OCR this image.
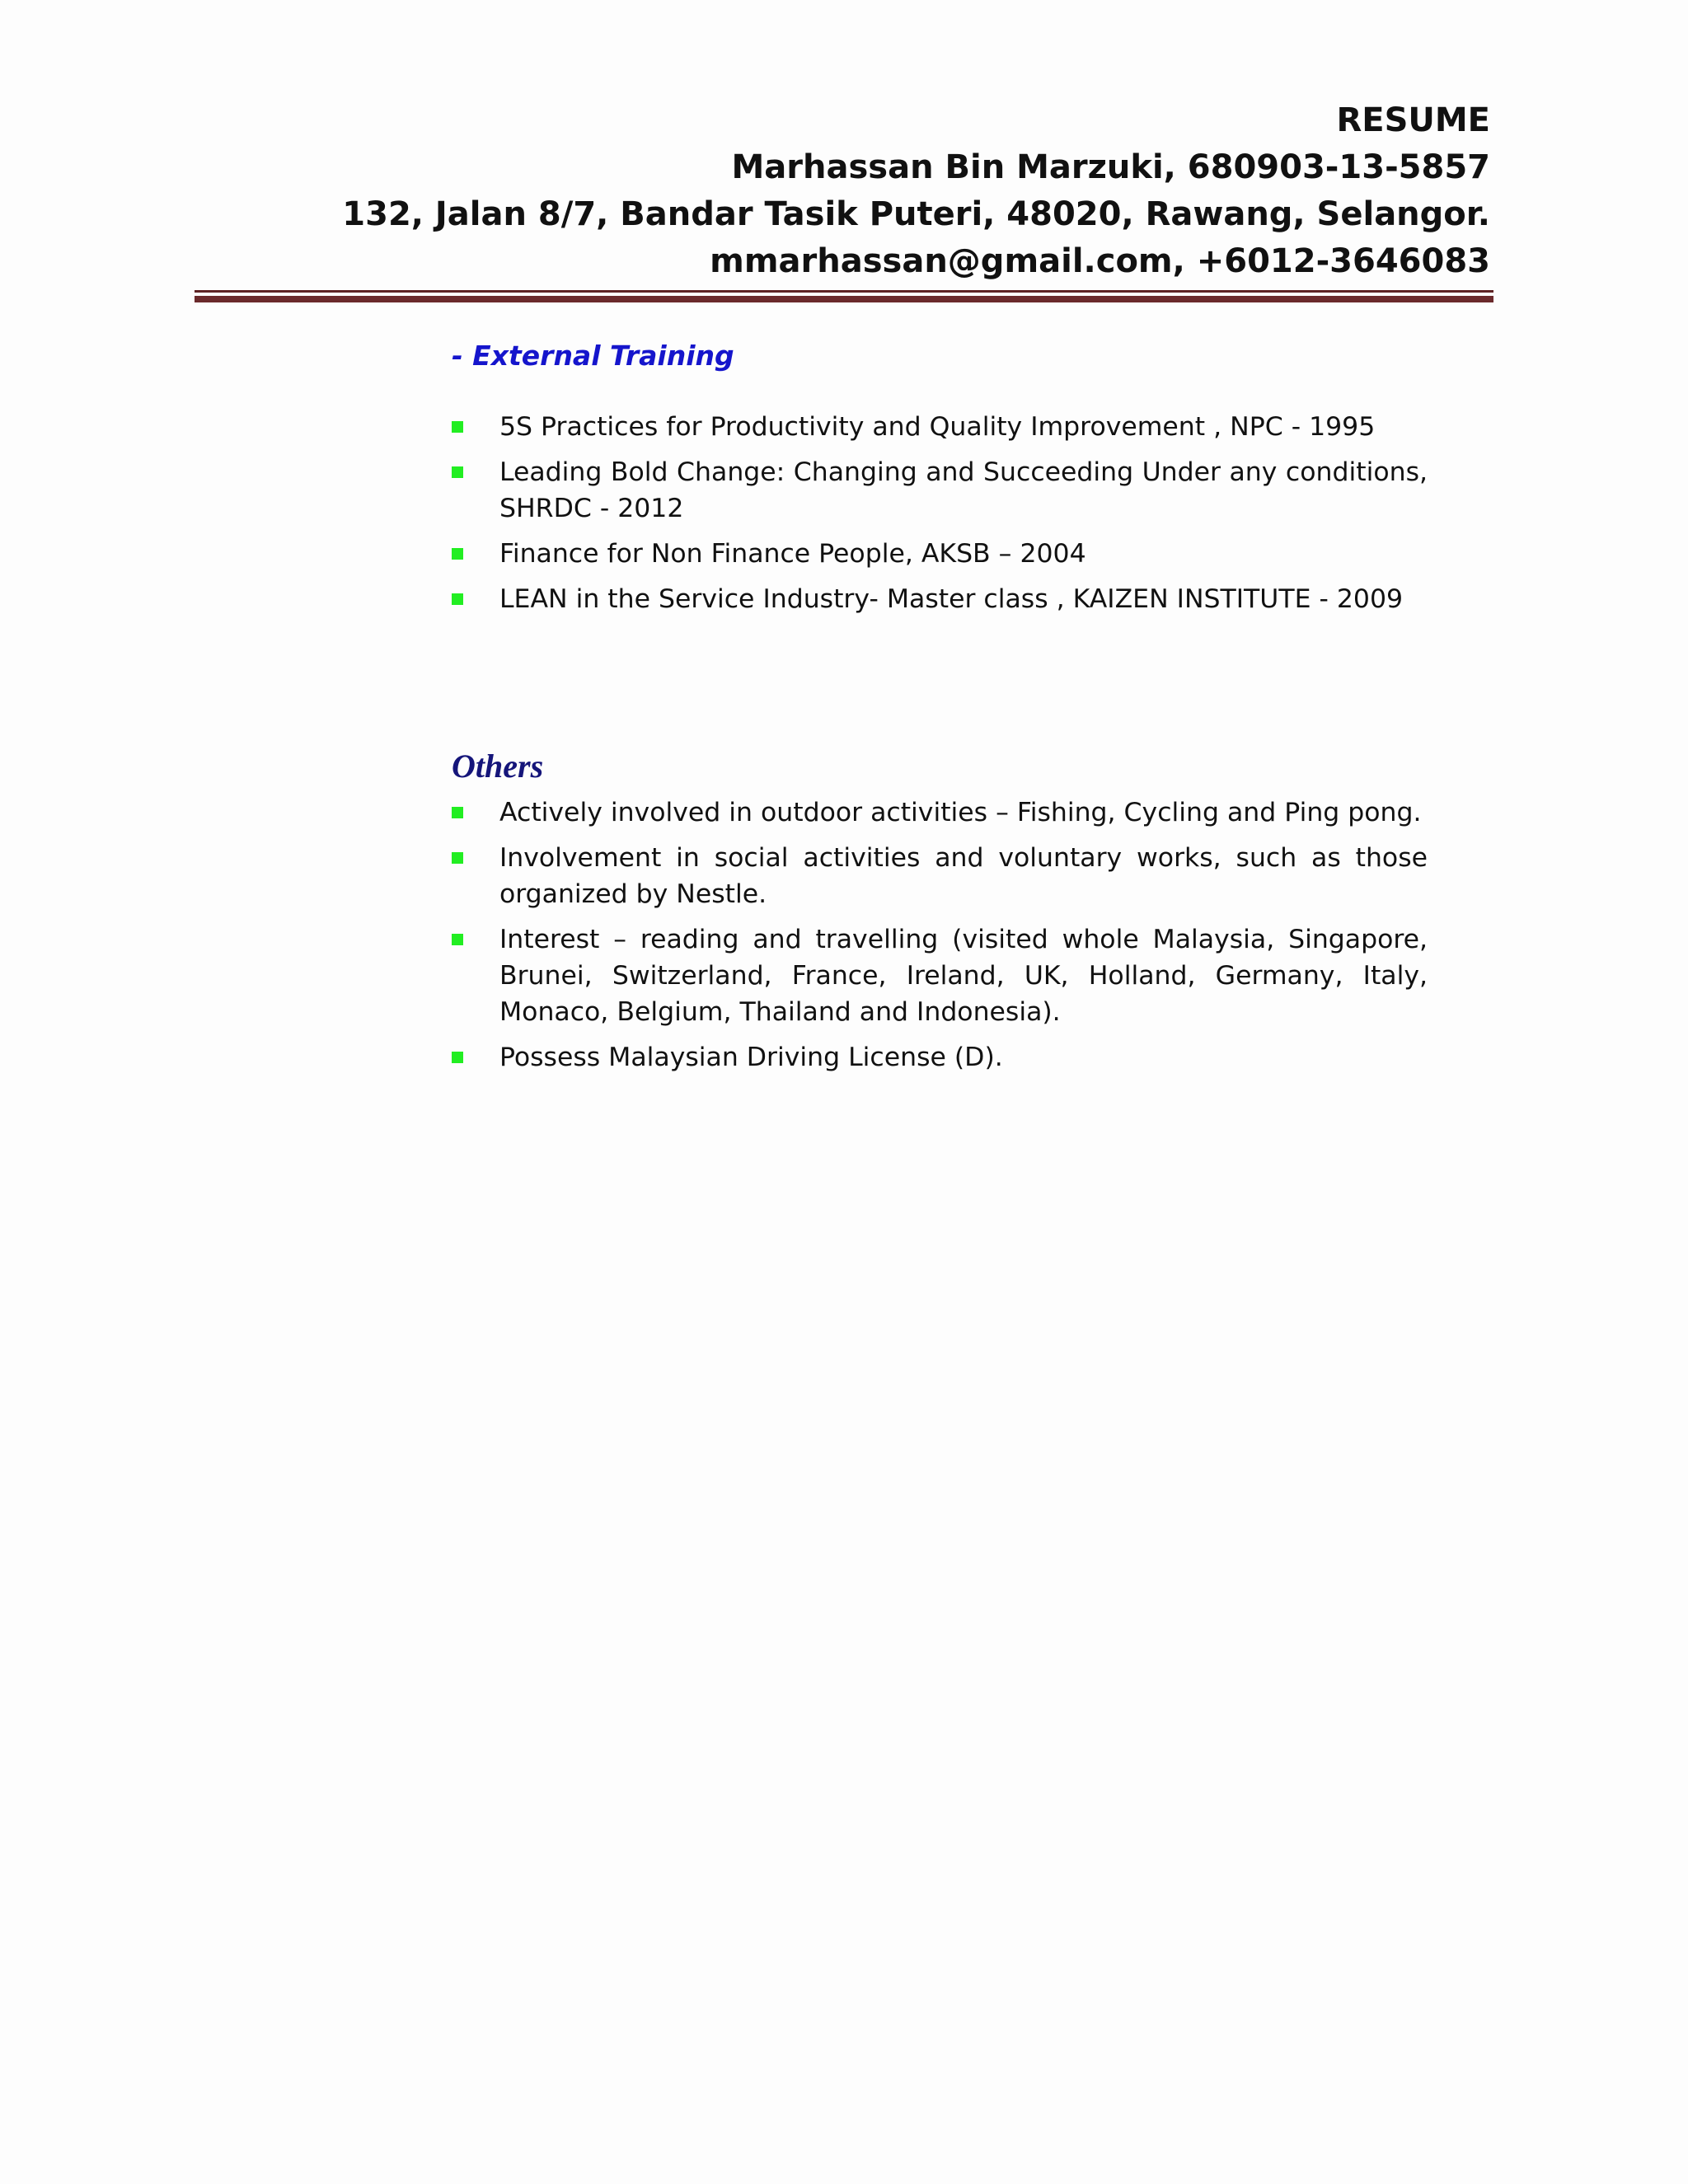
RESUME
Marhassan Bin Marzuki, 680903-13-5857
132, Jalan 8/7, Bandar Tasik Puteri, 48020, Rawang, Selangor.
mmarhassan@gmail.com, +6012-3646083
- External Training
5S Practices for Productivity and Quality Improvement , NPC - 1995
Leading Bold Change: Changing and Succeeding Under any conditions, SHRDC - 2012
Finance for Non Finance People, AKSB – 2004
LEAN in the Service Industry- Master class , KAIZEN INSTITUTE - 2009
Others
Actively involved in outdoor activities – Fishing, Cycling and Ping pong.
Involvement in social activities and voluntary works, such as those organized by Nestle.
Interest – reading and travelling (visited whole Malaysia, Singapore, Brunei, Switzerland, France, Ireland, UK, Holland, Germany, Italy, Monaco, Belgium, Thailand and Indonesia).
Possess Malaysian Driving License (D).
